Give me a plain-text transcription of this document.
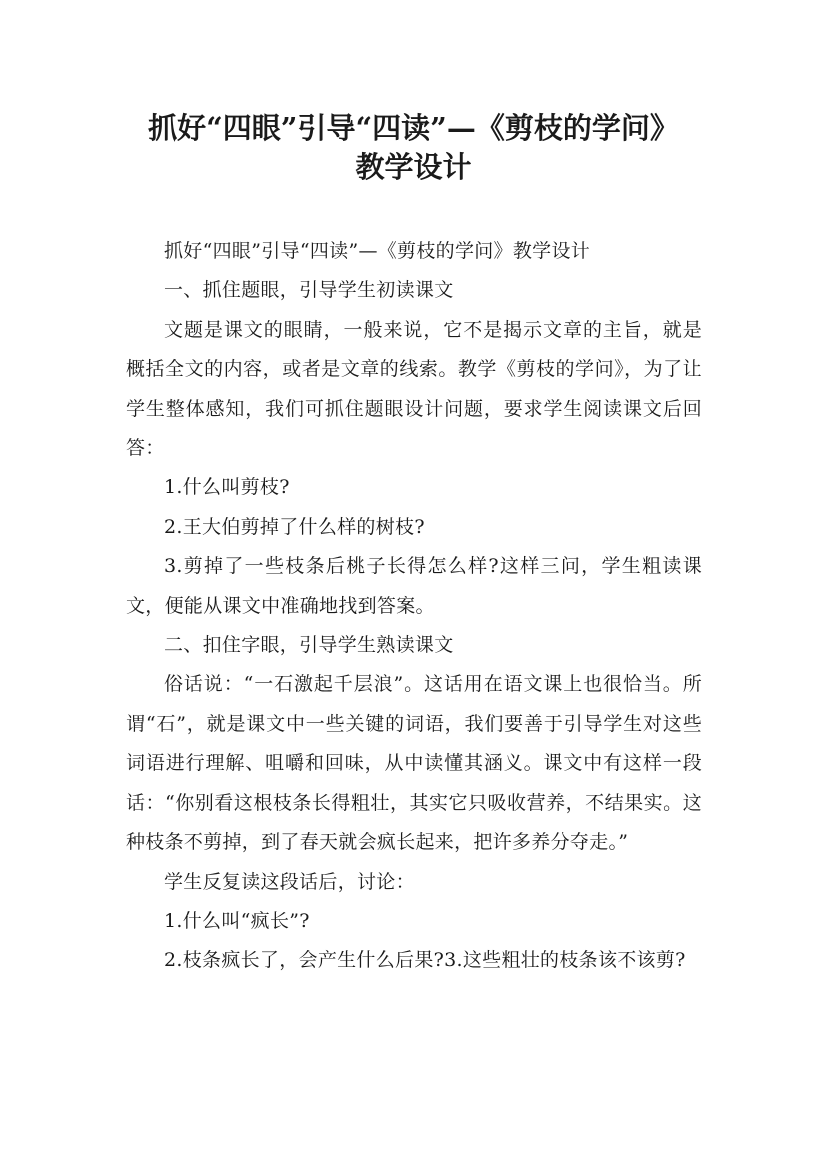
抓好“四眼”引导“四读”—《剪枝的学问》
教学设计

抓好“四眼”引导“四读”—《剪枝的学问》教学设计

一、抓住题眼，引导学生初读课文

文题是课文的眼睛，一般来说，它不是揭示文章的主旨，就是概括全文的内容，或者是文章的线索。教学《剪枝的学问》，为了让学生整体感知，我们可抓住题眼设计问题，要求学生阅读课文后回答：

1.什么叫剪枝?

2.王大伯剪掉了什么样的树枝?

3.剪掉了一些枝条后桃子长得怎么样?这样三问，学生粗读课文，便能从课文中准确地找到答案。

二、扣住字眼，引导学生熟读课文

俗话说：“一石激起千层浪”。这话用在语文课上也很恰当。所谓“石”，就是课文中一些关键的词语，我们要善于引导学生对这些词语进行理解、咀嚼和回味，从中读懂其涵义。课文中有这样一段话：“你别看这根枝条长得粗壮，其实它只吸收营养，不结果实。这种枝条不剪掉，到了春天就会疯长起来，把许多养分夺走。”

学生反复读这段话后，讨论：

1.什么叫“疯长”?

2.枝条疯长了，会产生什么后果?3.这些粗壮的枝条该不该剪?
